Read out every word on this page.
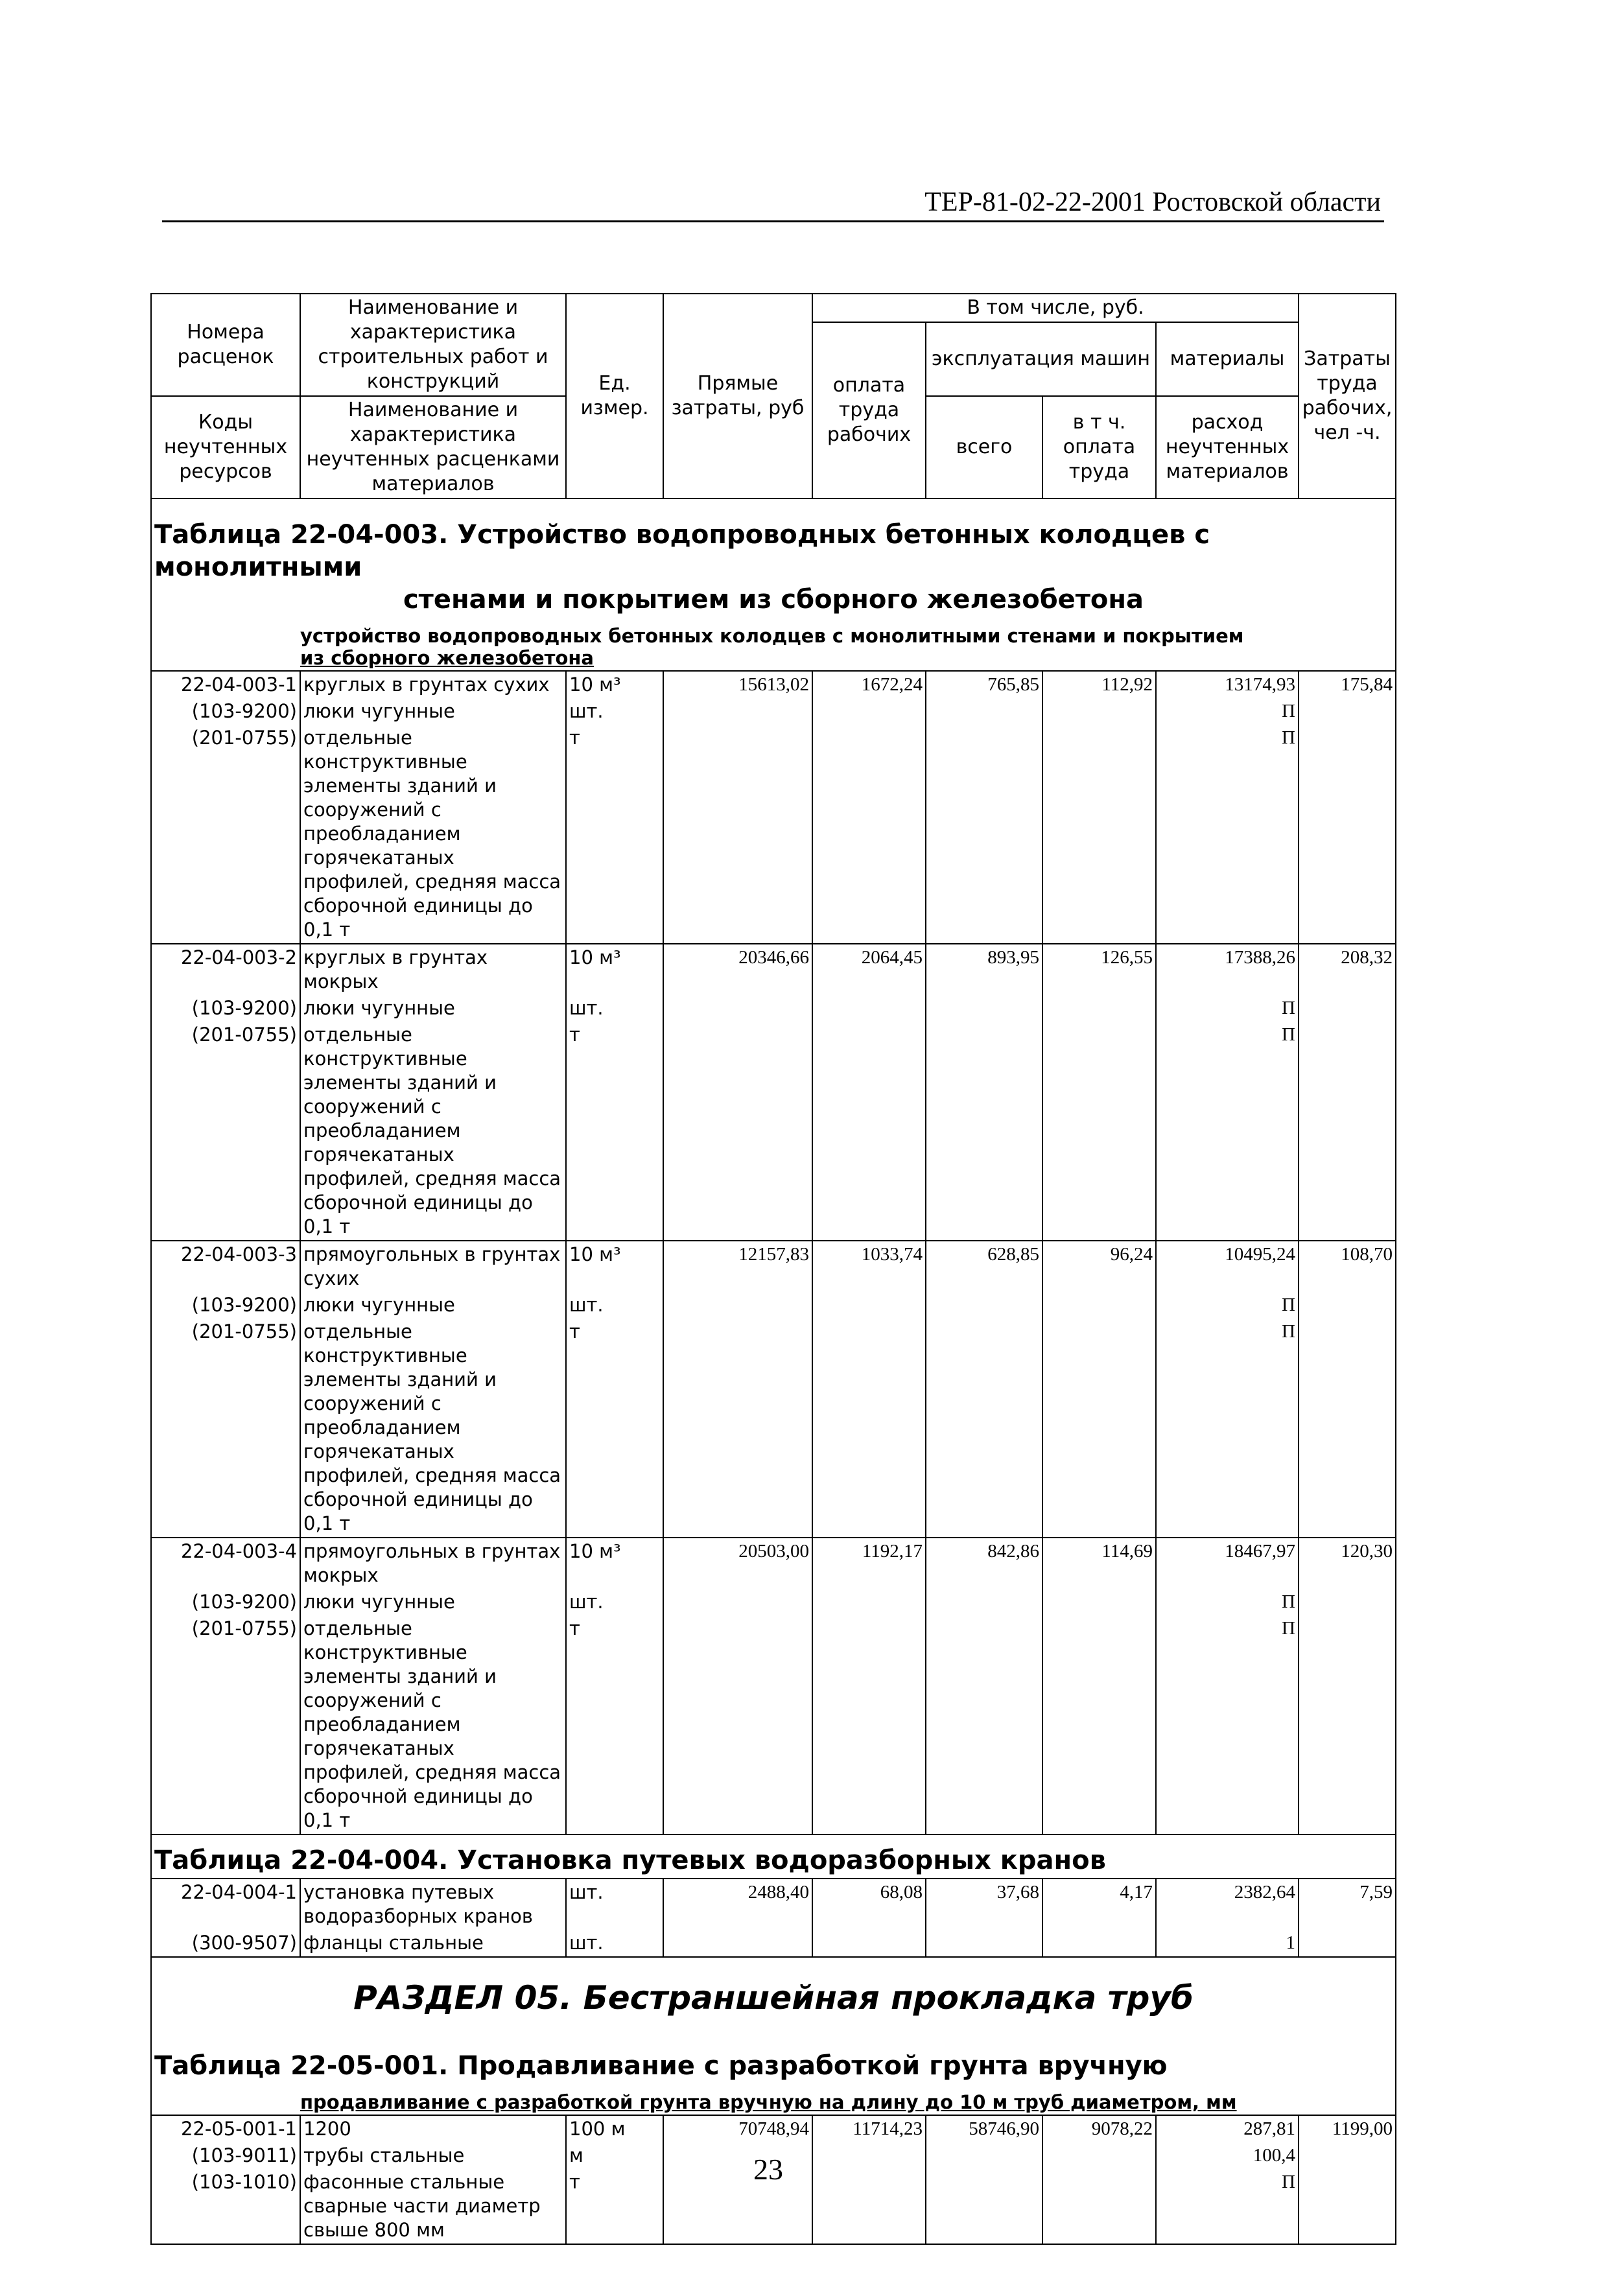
ТЕР-81-02-22-2001 Ростовской области
Номера расценок	Наименование и характеристика строительных работ и конструкций	Ед. измер.	Прямые затраты, руб	В том числе, руб.				Затраты труда рабочих, чел -ч.
				оплата труда рабочих	эксплуатация машин		материалы	
Коды неучтенных ресурсов	Наименование и характеристика неучтенных расценками материалов				всего	в т ч. оплата труда		
							расход неучтенных материалов	

Таблица 22-04-003. Устройство водопроводных бетонных колодцев с монолитными
стенами и покрытием из сборного железобетона
устройство водопроводных бетонных колодцев с монолитными стенами и покрытием
из сборного железобетона								

22-04-003-1	круглых в грунтах сухих	10 м³	15613,02	1672,24	765,85	112,92	13174,93	175,84
(103-9200)	люки чугунные	шт.					П	
(201-0755)	отдельные конструктивные элементы зданий и сооружений с преобладанием горячекатаных профилей, средняя масса сборочной единицы до 0,1 т	т					П	
22-04-003-2	круглых в грунтах мокрых	10 м³	20346,66	2064,45	893,95	126,55	17388,26	208,32
(103-9200)	люки чугунные	шт.					П	
(201-0755)	отдельные конструктивные элементы зданий и сооружений с преобладанием горячекатаных профилей, средняя масса сборочной единицы до 0,1 т	т					П	
22-04-003-3	прямоугольных в грунтах сухих	10 м³	12157,83	1033,74	628,85	96,24	10495,24	108,70
(103-9200)	люки чугунные	шт.					П	
(201-0755)	отдельные конструктивные элементы зданий и сооружений с преобладанием горячекатаных профилей, средняя масса сборочной единицы до 0,1 т	т					П	
22-04-003-4	прямоугольных в грунтах мокрых	10 м³	20503,00	1192,17	842,86	114,69	18467,97	120,30
(103-9200)	люки чугунные	шт.					П	
(201-0755)	отдельные конструктивные элементы зданий и сооружений с преобладанием горячекатаных профилей, средняя масса сборочной единицы до 0,1 т	т					П	

Таблица 22-04-004. Установка путевых водоразборных кранов								

22-04-004-1	установка путевых водоразборных кранов	шт.	2488,40	68,08	37,68	4,17	2382,64	7,59
(300-9507)	фланцы стальные	шт.					1	

РАЗДЕЛ 05. Бестраншейная прокладка труб
Таблица 22-05-001. Продавливание с разработкой грунта вручную
продавливание с разработкой грунта вручную на длину до 10 м труб диаметром, мм								

22-05-001-1	1200	100 м	70748,94	11714,23	58746,90	9078,22	287,81	1199,00
(103-9011)	трубы стальные	м					100,4	
(103-1010)	фасонные стальные сварные части диаметр свыше 800 мм	т					П	
23
